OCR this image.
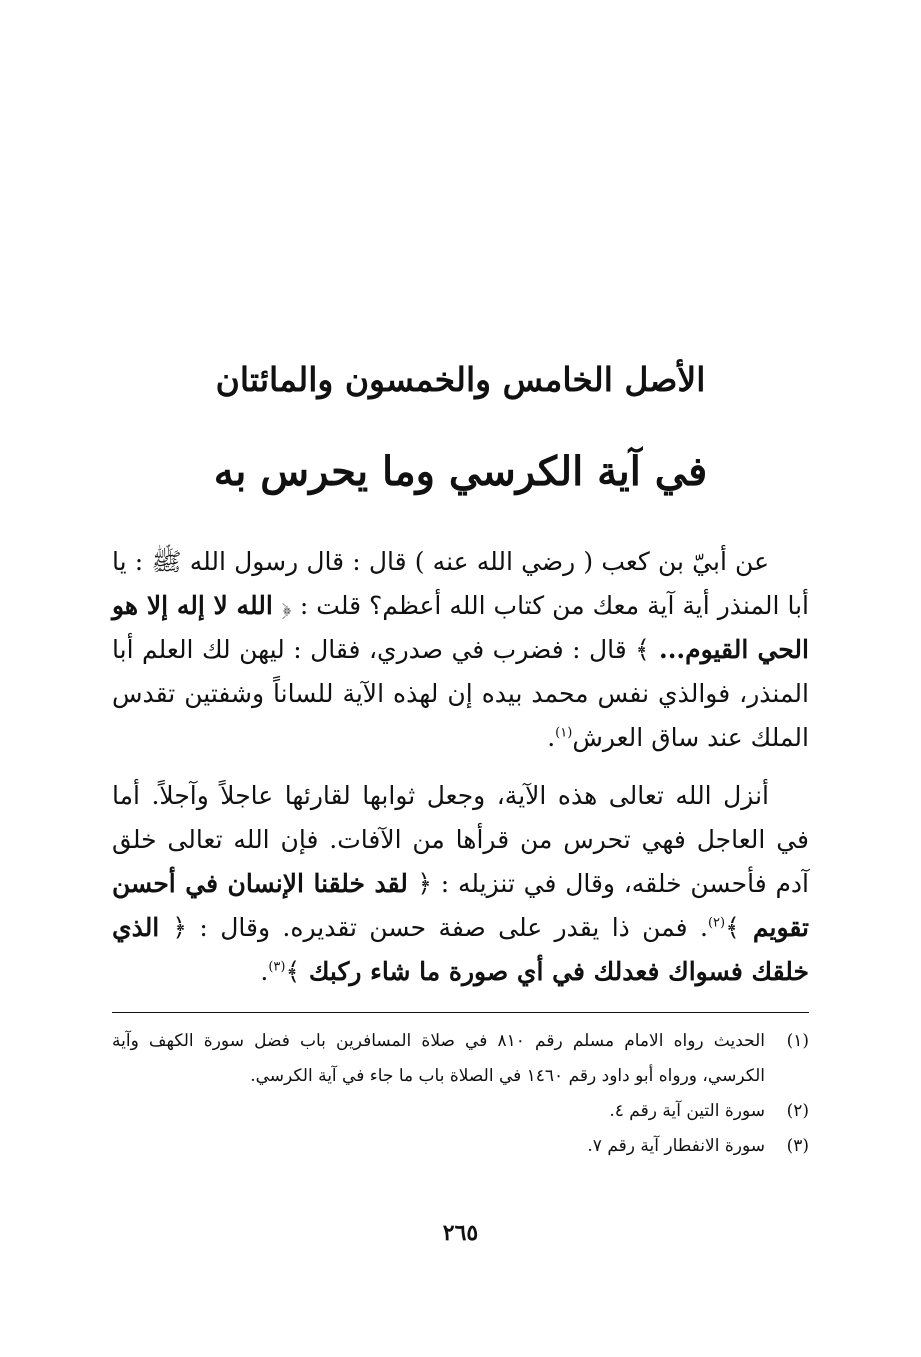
الأصل الخامس والخمسون والمائتان
في آية الكرسي وما يحرس به

عن أبيّ بن كعب ( رضي الله عنه ) قال : قال رسول الله ﷺ : يا أبا المنذر أية آية معك من كتاب الله أعظم؟ قلت : ﴿ الله لا إله إلا هو الحي القيوم... ﴾ قال : فضرب في صدري، فقال : ليهن لك العلم أبا المنذر، فوالذي نفس محمد بيده إن لهذه الآية للساناً وشفتين تقدس الملك عند ساق العرش$^{(١)}$.

أنزل الله تعالى هذه الآية، وجعل ثوابها لقارئها عاجلاً وآجلاً. أما في العاجل فهي تحرس من قرأها من الآفات. فإن الله تعالى خلق آدم فأحسن خلقه، وقال في تنزيله : ﴿ لقد خلقنا الإنسان في أحسن تقويم ﴾$^{(٢)}$. فمن ذا يقدر على صفة حسن تقديره. وقال : ﴿ الذي خلقك فسواك فعدلك في أي صورة ما شاء ركبك ﴾$^{(٣)}$.

(١)
الحديث رواه الامام مسلم رقم ٨١٠ في صلاة المسافرين باب فضل سورة الكهف وآية الكرسي، ورواه أبو داود رقم ١٤٦٠ في الصلاة باب ما جاء في آية الكرسي.
(٢)
سورة التين آية رقم ٤.
(٣)
سورة الانفطار آية رقم ٧.
٢٦٥
